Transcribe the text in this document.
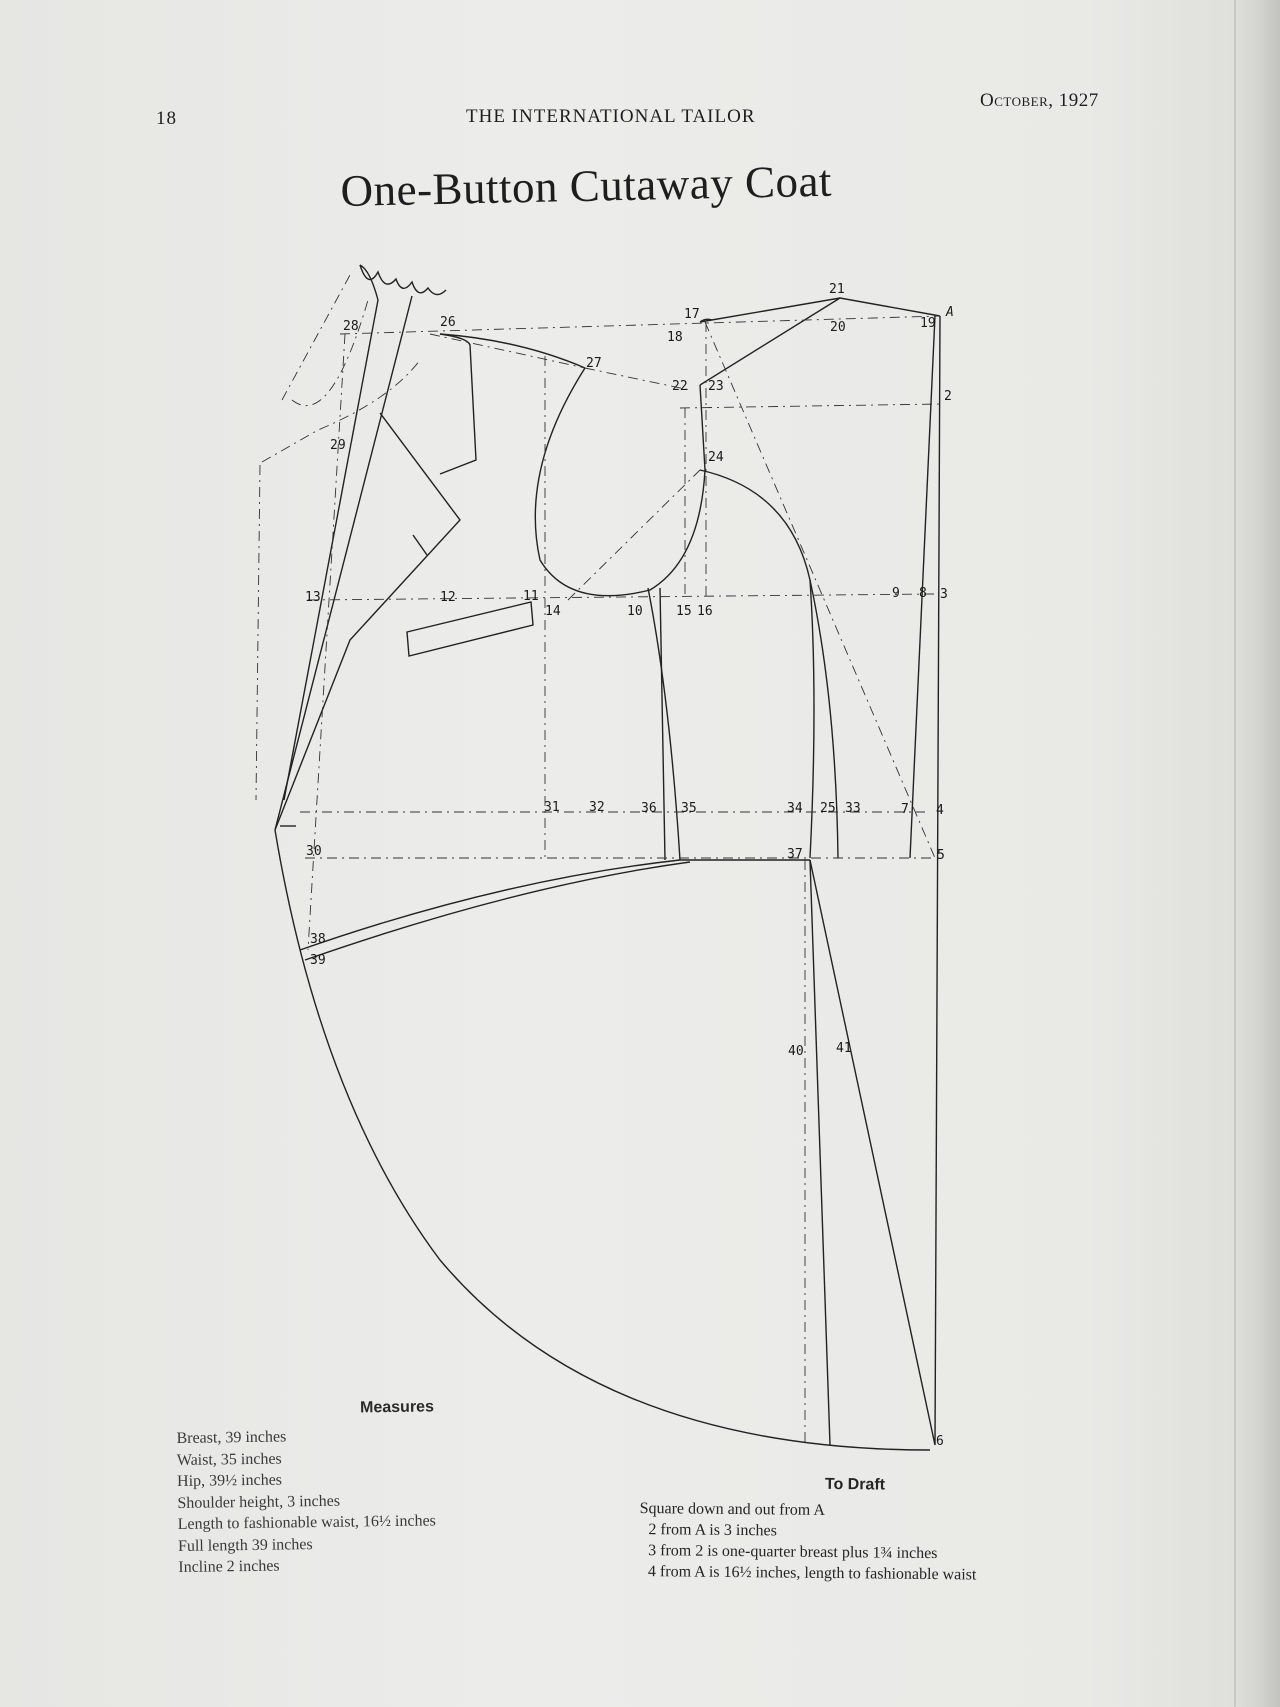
18	THE INTERNATIONAL TAILOR
October, 1927
One-Button Cutaway Coat
A
2
3
4
5
6
7
8
9
10
11
12
13
14	15 16
17
18
19
20
21
22 23
24
25
26
27
28
29
30
31 32	33
34
35
36
37
38
39
40 41
Measures
Breast, 39 inches
Waist, 35 inches
Hip, 39½ inches
Shoulder height, 3 inches
Length to fashionable waist, 16½ inches
Full length 39 inches
Incline 2 inches
To Draft
Square down and out from A
2 from A is 3 inches
3 from 2 is one-quarter breast plus 1¾ inches
4 from A is 16½ inches, length to fashionable waist
